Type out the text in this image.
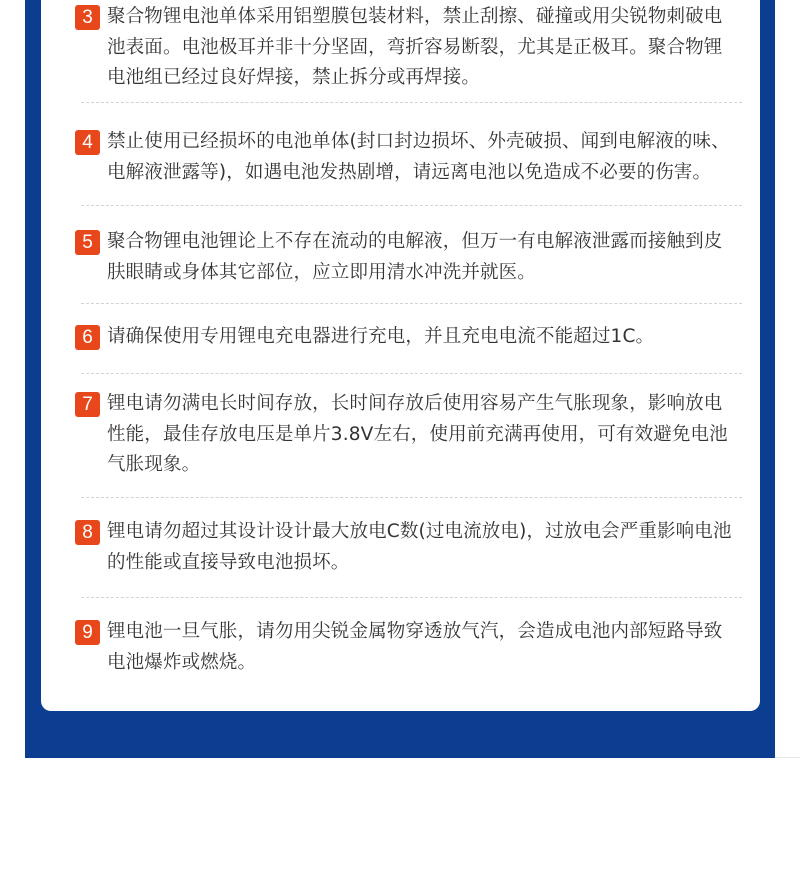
3 聚合物锂电池单体采用铝塑膜包装材料，禁止刮擦、碰撞或用尖锐物刺破电池表面。电池极耳并非十分坚固，弯折容易断裂，尤其是正极耳。聚合物锂电池组已经过良好焊接，禁止拆分或再焊接。
4 禁止使用已经损坏的电池单体(封口封边损坏、外壳破损、闻到电解液的味、电解液泄露等)，如遇电池发热剧增，请远离电池以免造成不必要的伤害。
5 聚合物锂电池锂论上不存在流动的电解液，但万一有电解液泄露而接触到皮肤眼睛或身体其它部位，应立即用清水冲洗并就医。
6 请确保使用专用锂电充电器进行充电，并且充电电流不能超过1C。
7 锂电请勿满电长时间存放，长时间存放后使用容易产生气胀现象，影响放电性能，最佳存放电压是单片3.8V左右，使用前充满再使用，可有效避免电池气胀现象。
8 锂电请勿超过其设计设计最大放电C数(过电流放电)，过放电会严重影响电池的性能或直接导致电池损坏。
9 锂电池一旦气胀，请勿用尖锐金属物穿透放气汽，会造成电池内部短路导致电池爆炸或燃烧。
